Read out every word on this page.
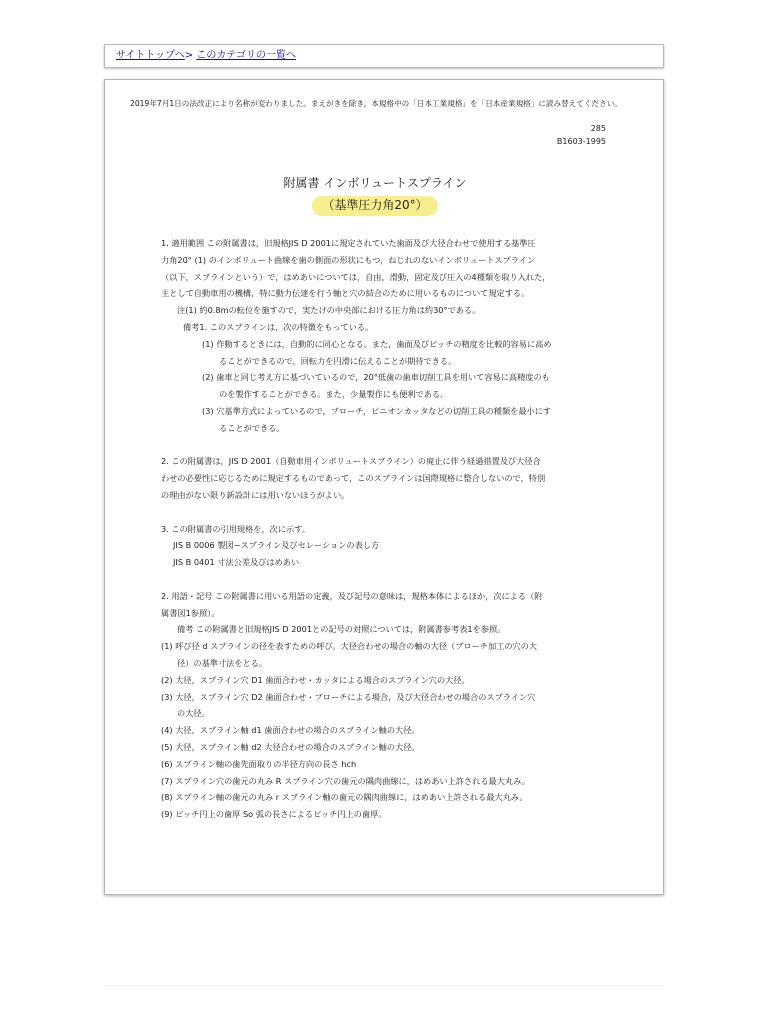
サイトトップへ> このカテゴリの一覧へ
2019年7月1日の法改正により名称が変わりました。まえがきを除き，本規格中の「日本工業規格」を「日本産業規格」に読み替えてください。
285
B1603-1995
附属書 インボリュートスプライン
（基準圧力角20°）

1. 適用範囲 この附属書は，旧規格JIS D 2001に規定されていた歯面及び大径合わせで使用する基準圧

力角20° (1) のインボリュート曲線を歯の側面の形状にもつ，ねじれのないインボリュートスプライン

（以下，スプラインという）で，はめあいについては，自由，滑動，固定及び圧入の4種類を取り入れた，

主として自動車用の機構，特に動力伝達を行う軸と穴の結合のために用いるものについて規定する。

注(1) 約0.8mの転位を施すので，実たけの中央部における圧力角は約30°である。

備考1. このスプラインは，次の特徴をもっている。

(1) 作動するときには，自動的に同心となる。また，歯面及びピッチの精度を比較的容易に高め

ることができるので，回転力を円滑に伝えることが期待できる。

(2) 歯車と同じ考え方に基づいているので，20°低歯の歯車切削工具を用いて容易に高精度のも

のを製作することができる。また，少量製作にも便利である。

(3) 穴基準方式によっているので，ブローチ，ピニオンカッタなどの切削工具の種類を最小にす

ることができる。

2. この附属書は，JIS D 2001（自動車用インボリュートスプライン）の廃止に伴う経過措置及び大径合

わせの必要性に応じるために規定するものであって，このスプラインは国際規格に整合しないので，特別

の理由がない限り新設計には用いないほうがよい。

3. この附属書の引用規格を，次に示す。

JIS B 0006 製図−スプライン及びセレーションの表し方

JIS B 0401 寸法公差及びはめあい

2. 用語・記号 この附属書に用いる用語の定義，及び記号の意味は，規格本体によるほか，次による（附

属書図1参照）。

備考 この附属書と旧規格JIS D 2001との記号の対照については，附属書参考表1を参照。

(1) 呼び径 d スプラインの径を表すための呼び。大径合わせの場合の軸の大径（ブローチ加工の穴の大

径）の基準寸法をとる。

(2) 大径，スプライン穴 D1 歯面合わせ・カッタによる場合のスプライン穴の大径。

(3) 大径，スプライン穴 D2 歯面合わせ・ブローチによる場合，及び大径合わせの場合のスプライン穴

の大径。

(4) 大径，スプライン軸 d1 歯面合わせの場合のスプライン軸の大径。

(5) 大径，スプライン軸 d2 大径合わせの場合のスプライン軸の大径。

(6) スプライン軸の歯先面取りの半径方向の長さ hch

(7) スプライン穴の歯元の丸み R スプライン穴の歯元の隅肉曲線に，はめあい上許される最大丸み。

(8) スプライン軸の歯元の丸み r スプライン軸の歯元の隅肉曲線に，はめあい上許される最大丸み。

(9) ピッチ円上の歯厚 So 弧の長さによるピッチ円上の歯厚。
